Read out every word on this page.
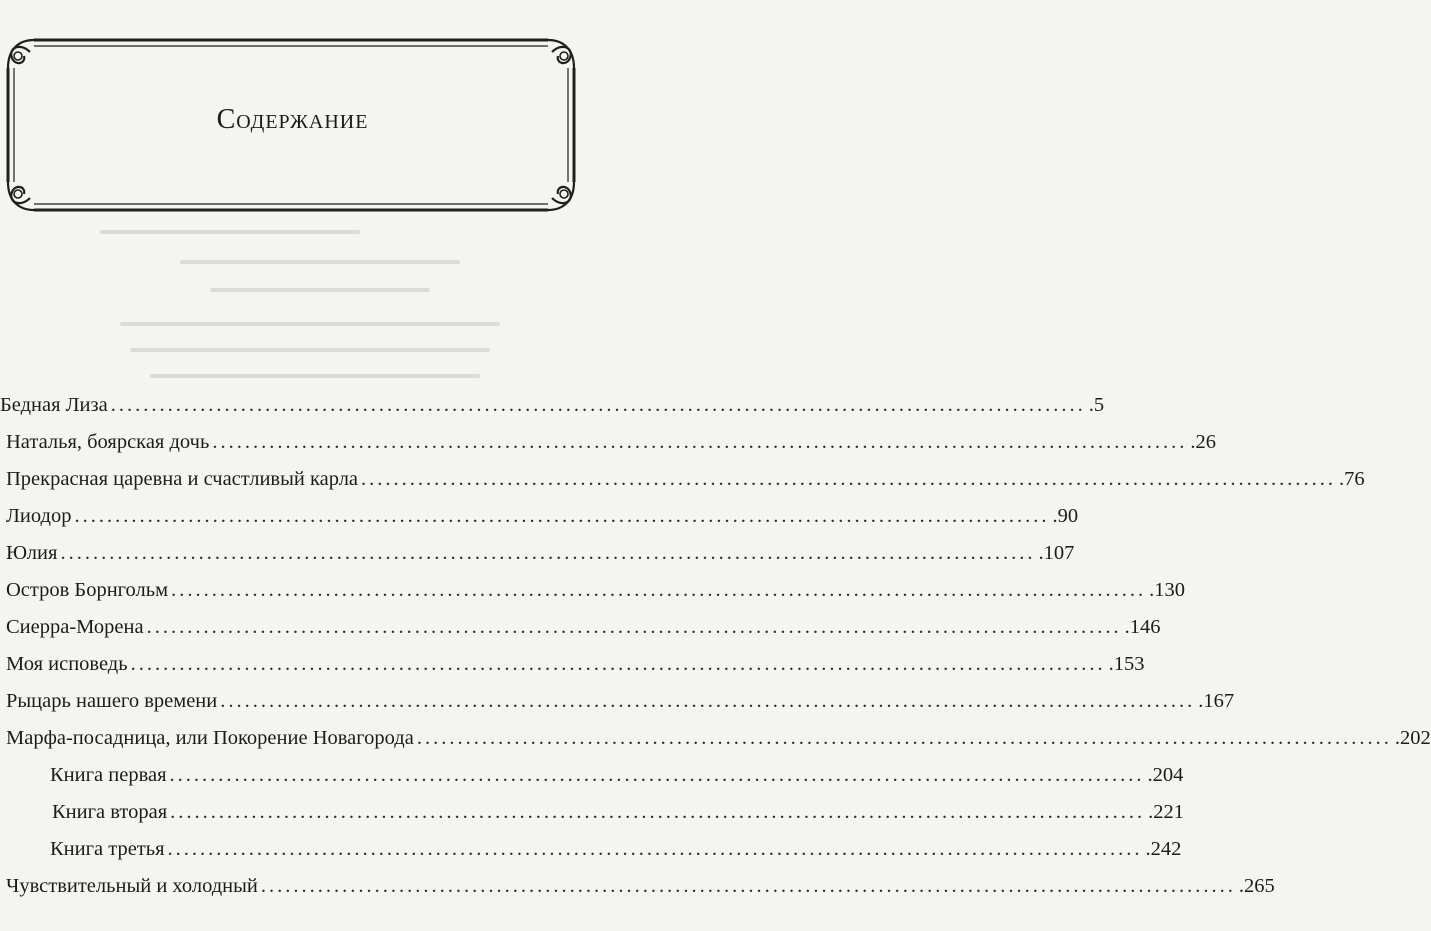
Содержание
Бедная Лиза ........................................................................................................................ .5
Наталья, боярская дочь ........................................................................................................................ .26
Прекрасная царевна и счастливый карла ........................................................................................................................ .76
Лиодор ........................................................................................................................ .90
Юлия ........................................................................................................................ .107
Остров Борнгольм ........................................................................................................................ .130
Сиерра-Морена ........................................................................................................................ .146
Моя исповедь ........................................................................................................................ .153
Рыцарь нашего времени ........................................................................................................................ .167
Марфа-посадница, или Покорение Новагорода ........................................................................................................................ .202
Книга первая ........................................................................................................................ .204
Книга вторая ........................................................................................................................ .221
Книга третья ........................................................................................................................ .242
Чувствительный и холодный ........................................................................................................................ .265
